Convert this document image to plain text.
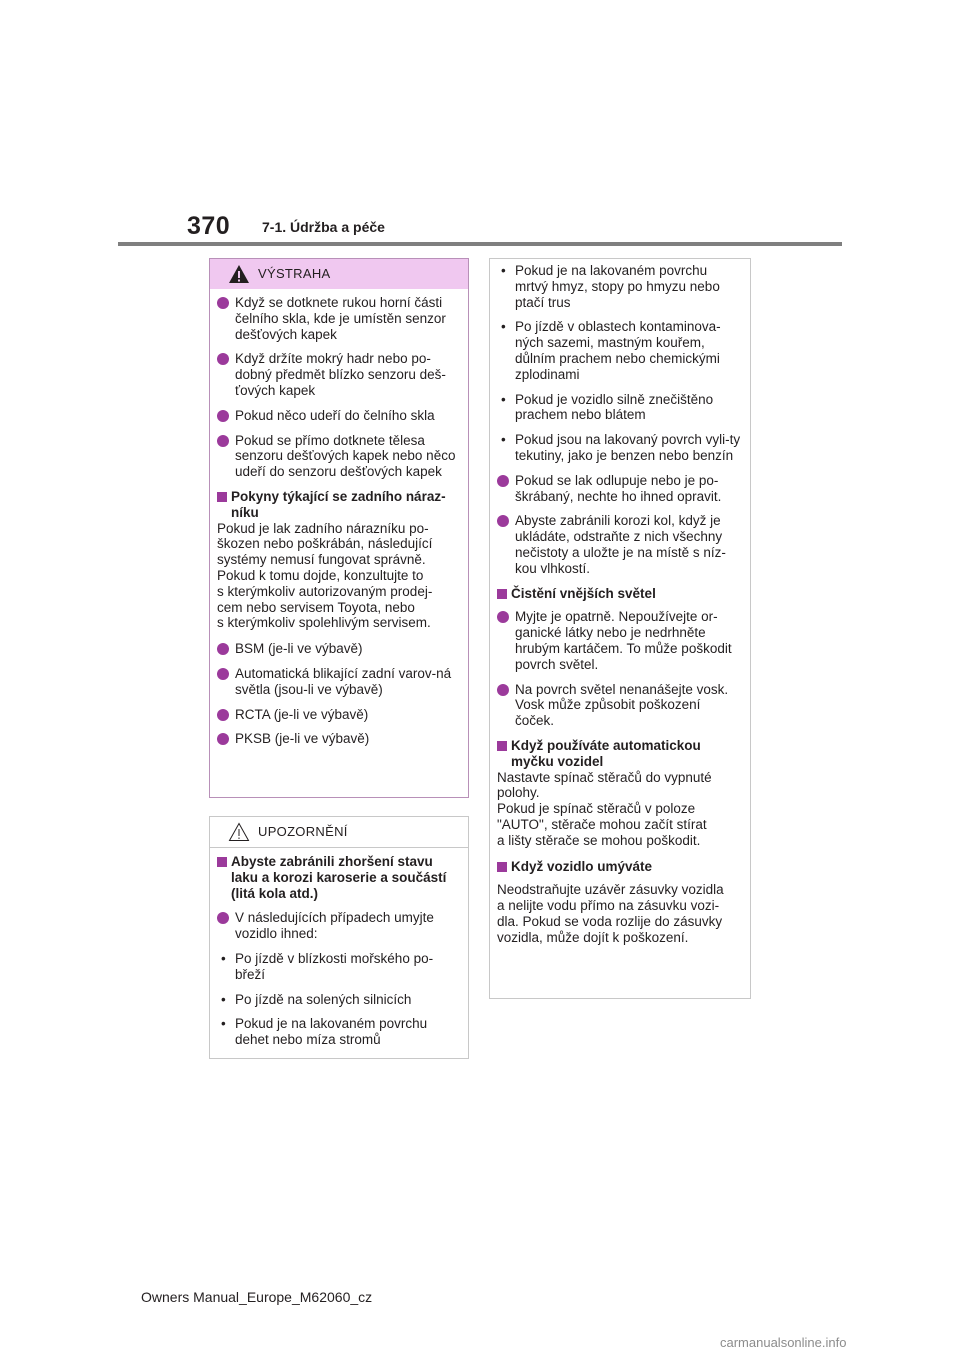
370 7-1. Údržba a péče
VÝSTRAHA
Když se dotknete rukou horní části čelního skla, kde je umístěn senzor dešťových kapek
Když držíte mokrý hadr nebo po-dobný předmět blízko senzoru deš-ťových kapek
Pokud něco udeří do čelního skla
Pokud se přímo dotknete tělesa senzoru dešťových kapek nebo něco udeří do senzoru dešťových kapek
Pokyny týkající se zadního náraz-níku
Pokud je lak zadního nárazníku po-
škozen nebo poškrábán, následující
systémy nemusí fungovat správně.
Pokud k tomu dojde, konzultujte to
s kterýmkoliv autorizovaným prodej-
cem nebo servisem Toyota, nebo
s kterýmkoliv spolehlivým servisem.
BSM (je-li ve výbavě)
Automatická blikající zadní varov-ná světla (jsou-li ve výbavě)
RCTA (je-li ve výbavě)
PKSB (je-li ve výbavě)
UPOZORNĚNÍ
Abyste zabránili zhoršení stavu laku a korozi karoserie a součástí (litá kola atd.)
V následujících případech umyjte vozidlo ihned:
• Po jízdě v blízkosti mořského po-břeží
• Po jízdě na solených silnicích
• Pokud je na lakovaném povrchu dehet nebo míza stromů
• Pokud je na lakovaném povrchu mrtvý hmyz, stopy po hmyzu nebo ptačí trus
• Po jízdě v oblastech kontaminova-ných sazemi, mastným kouřem, důlním prachem nebo chemickými zplodinami
• Pokud je vozidlo silně znečištěno prachem nebo blátem
• Pokud jsou na lakovaný povrch vyli-ty tekutiny, jako je benzen nebo benzín
Pokud se lak odlupuje nebo je po-škrábaný, nechte ho ihned opravit.
Abyste zabránili korozi kol, když je ukládáte, odstraňte z nich všechny nečistoty a uložte je na místě s níz-kou vlhkostí.
Čistění vnějších světel
Myjte je opatrně. Nepoužívejte or-ganické látky nebo je nedrhněte hrubým kartáčem. To může poškodit povrch světel.
Na povrch světel nenanášejte vosk. Vosk může způsobit poškození čoček.
Když používáte automatickou myčku vozidel
Nastavte spínač stěračů do vypnuté
polohy.
Pokud je spínač stěračů v poloze
"AUTO", stěrače mohou začít stírat
a lišty stěrače se mohou poškodit.
Když vozidlo umýváte
Neodstraňujte uzávěr zásuvky vozidla
a nelijte vodu přímo na zásuvku vozi-
dla. Pokud se voda rozlije do zásuvky
vozidla, může dojít k poškození.
Owners Manual_Europe_M62060_cz
carmanualsonline.info
